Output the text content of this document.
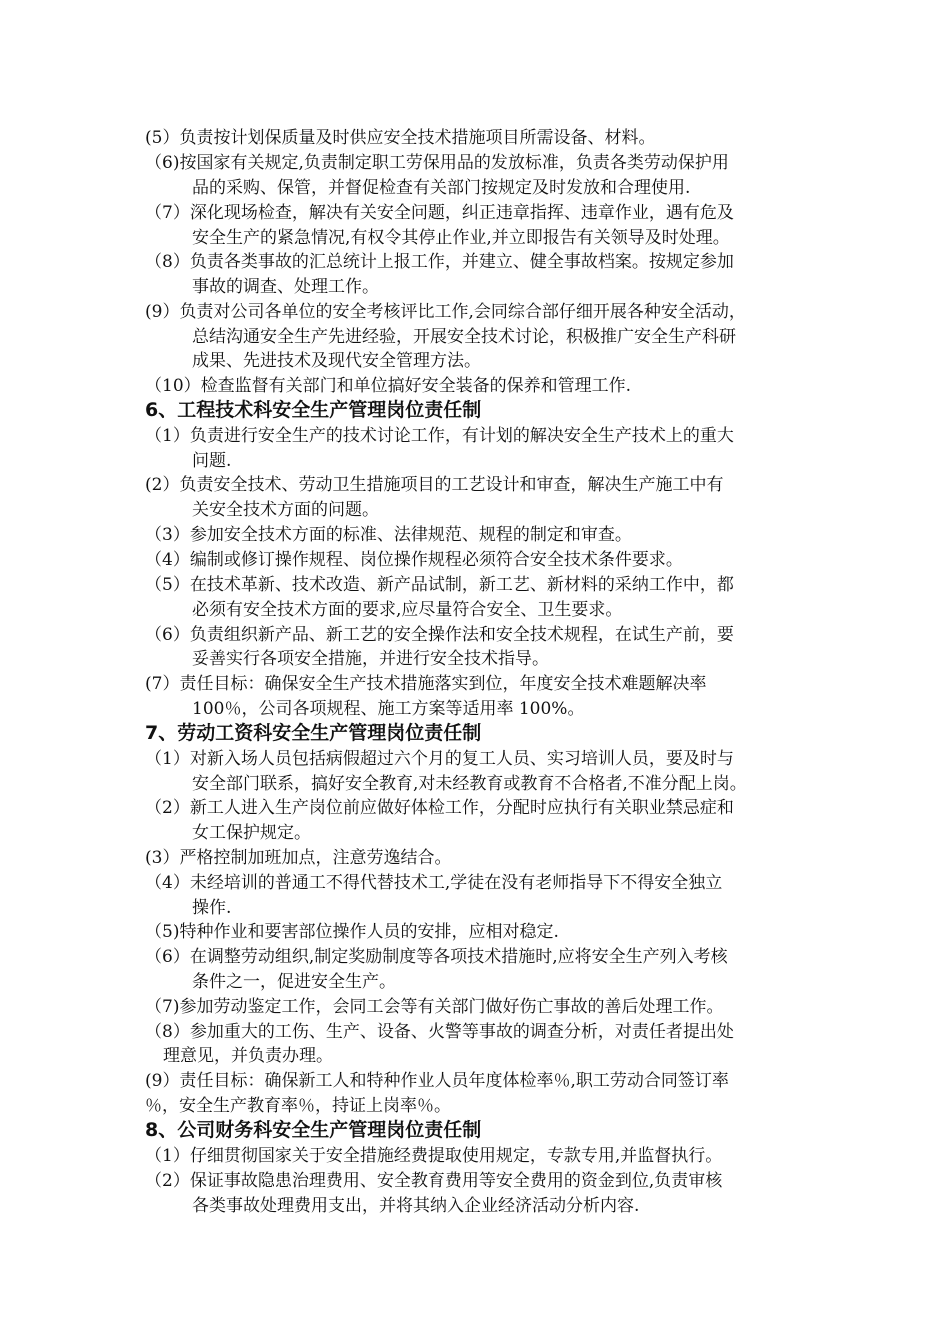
(5）负责按计划保质量及时供应安全技术措施项目所需设备、材料。
（6)按国家有关规定,负责制定职工劳保用品的发放标准，负责各类劳动保护用
品的采购、保管，并督促检查有关部门按规定及时发放和合理使用.
（7）深化现场检查，解决有关安全问题，纠正违章指挥、违章作业，遇有危及
安全生产的紧急情况,有权令其停止作业,并立即报告有关领导及时处理。
（8）负责各类事故的汇总统计上报工作，并建立、健全事故档案。按规定参加
事故的调查、处理工作。
(9）负责对公司各单位的安全考核评比工作,会同综合部仔细开展各种安全活动，
总结沟通安全生产先进经验，开展安全技术讨论，积极推广安全生产科研
成果、先进技术及现代安全管理方法。
（10）检查监督有关部门和单位搞好安全装备的保养和管理工作.
6、工程技术科安全生产管理岗位责任制
（1）负责进行安全生产的技术讨论工作，有计划的解决安全生产技术上的重大
问题.
(2）负责安全技术、劳动卫生措施项目的工艺设计和审查，解决生产施工中有
关安全技术方面的问题。
（3）参加安全技术方面的标准、法律规范、规程的制定和审查。
（4）编制或修订操作规程、岗位操作规程必须符合安全技术条件要求。
（5）在技术革新、技术改造、新产品试制，新工艺、新材料的采纳工作中，都
必须有安全技术方面的要求,应尽量符合安全、卫生要求。
（6）负责组织新产品、新工艺的安全操作法和安全技术规程，在试生产前，要
妥善实行各项安全措施，并进行安全技术指导。
(7）责任目标：确保安全生产技术措施落实到位，年度安全技术难题解决率
100％，公司各项规程、施工方案等适用率 100%。
7、劳动工资科安全生产管理岗位责任制
（1）对新入场人员包括病假超过六个月的复工人员、实习培训人员，要及时与
安全部门联系，搞好安全教育,对未经教育或教育不合格者,不准分配上岗。
（2）新工人进入生产岗位前应做好体检工作，分配时应执行有关职业禁忌症和
女工保护规定。
(3）严格控制加班加点，注意劳逸结合。
（4）未经培训的普通工不得代替技术工,学徒在没有老师指导下不得安全独立
操作.
（5)特种作业和要害部位操作人员的安排，应相对稳定.
（6）在调整劳动组织,制定奖励制度等各项技术措施时,应将安全生产列入考核
条件之一，促进安全生产。
（7)参加劳动鉴定工作，会同工会等有关部门做好伤亡事故的善后处理工作。
（8）参加重大的工伤、生产、设备、火警等事故的调查分析，对责任者提出处
理意见，并负责办理。
(9）责任目标：确保新工人和特种作业人员年度体检率％,职工劳动合同签订率
％，安全生产教育率％，持证上岗率％。
8、公司财务科安全生产管理岗位责任制
（1）仔细贯彻国家关于安全措施经费提取使用规定，专款专用,并监督执行。
（2）保证事故隐患治理费用、安全教育费用等安全费用的资金到位,负责审核
各类事故处理费用支出，并将其纳入企业经济活动分析内容.
